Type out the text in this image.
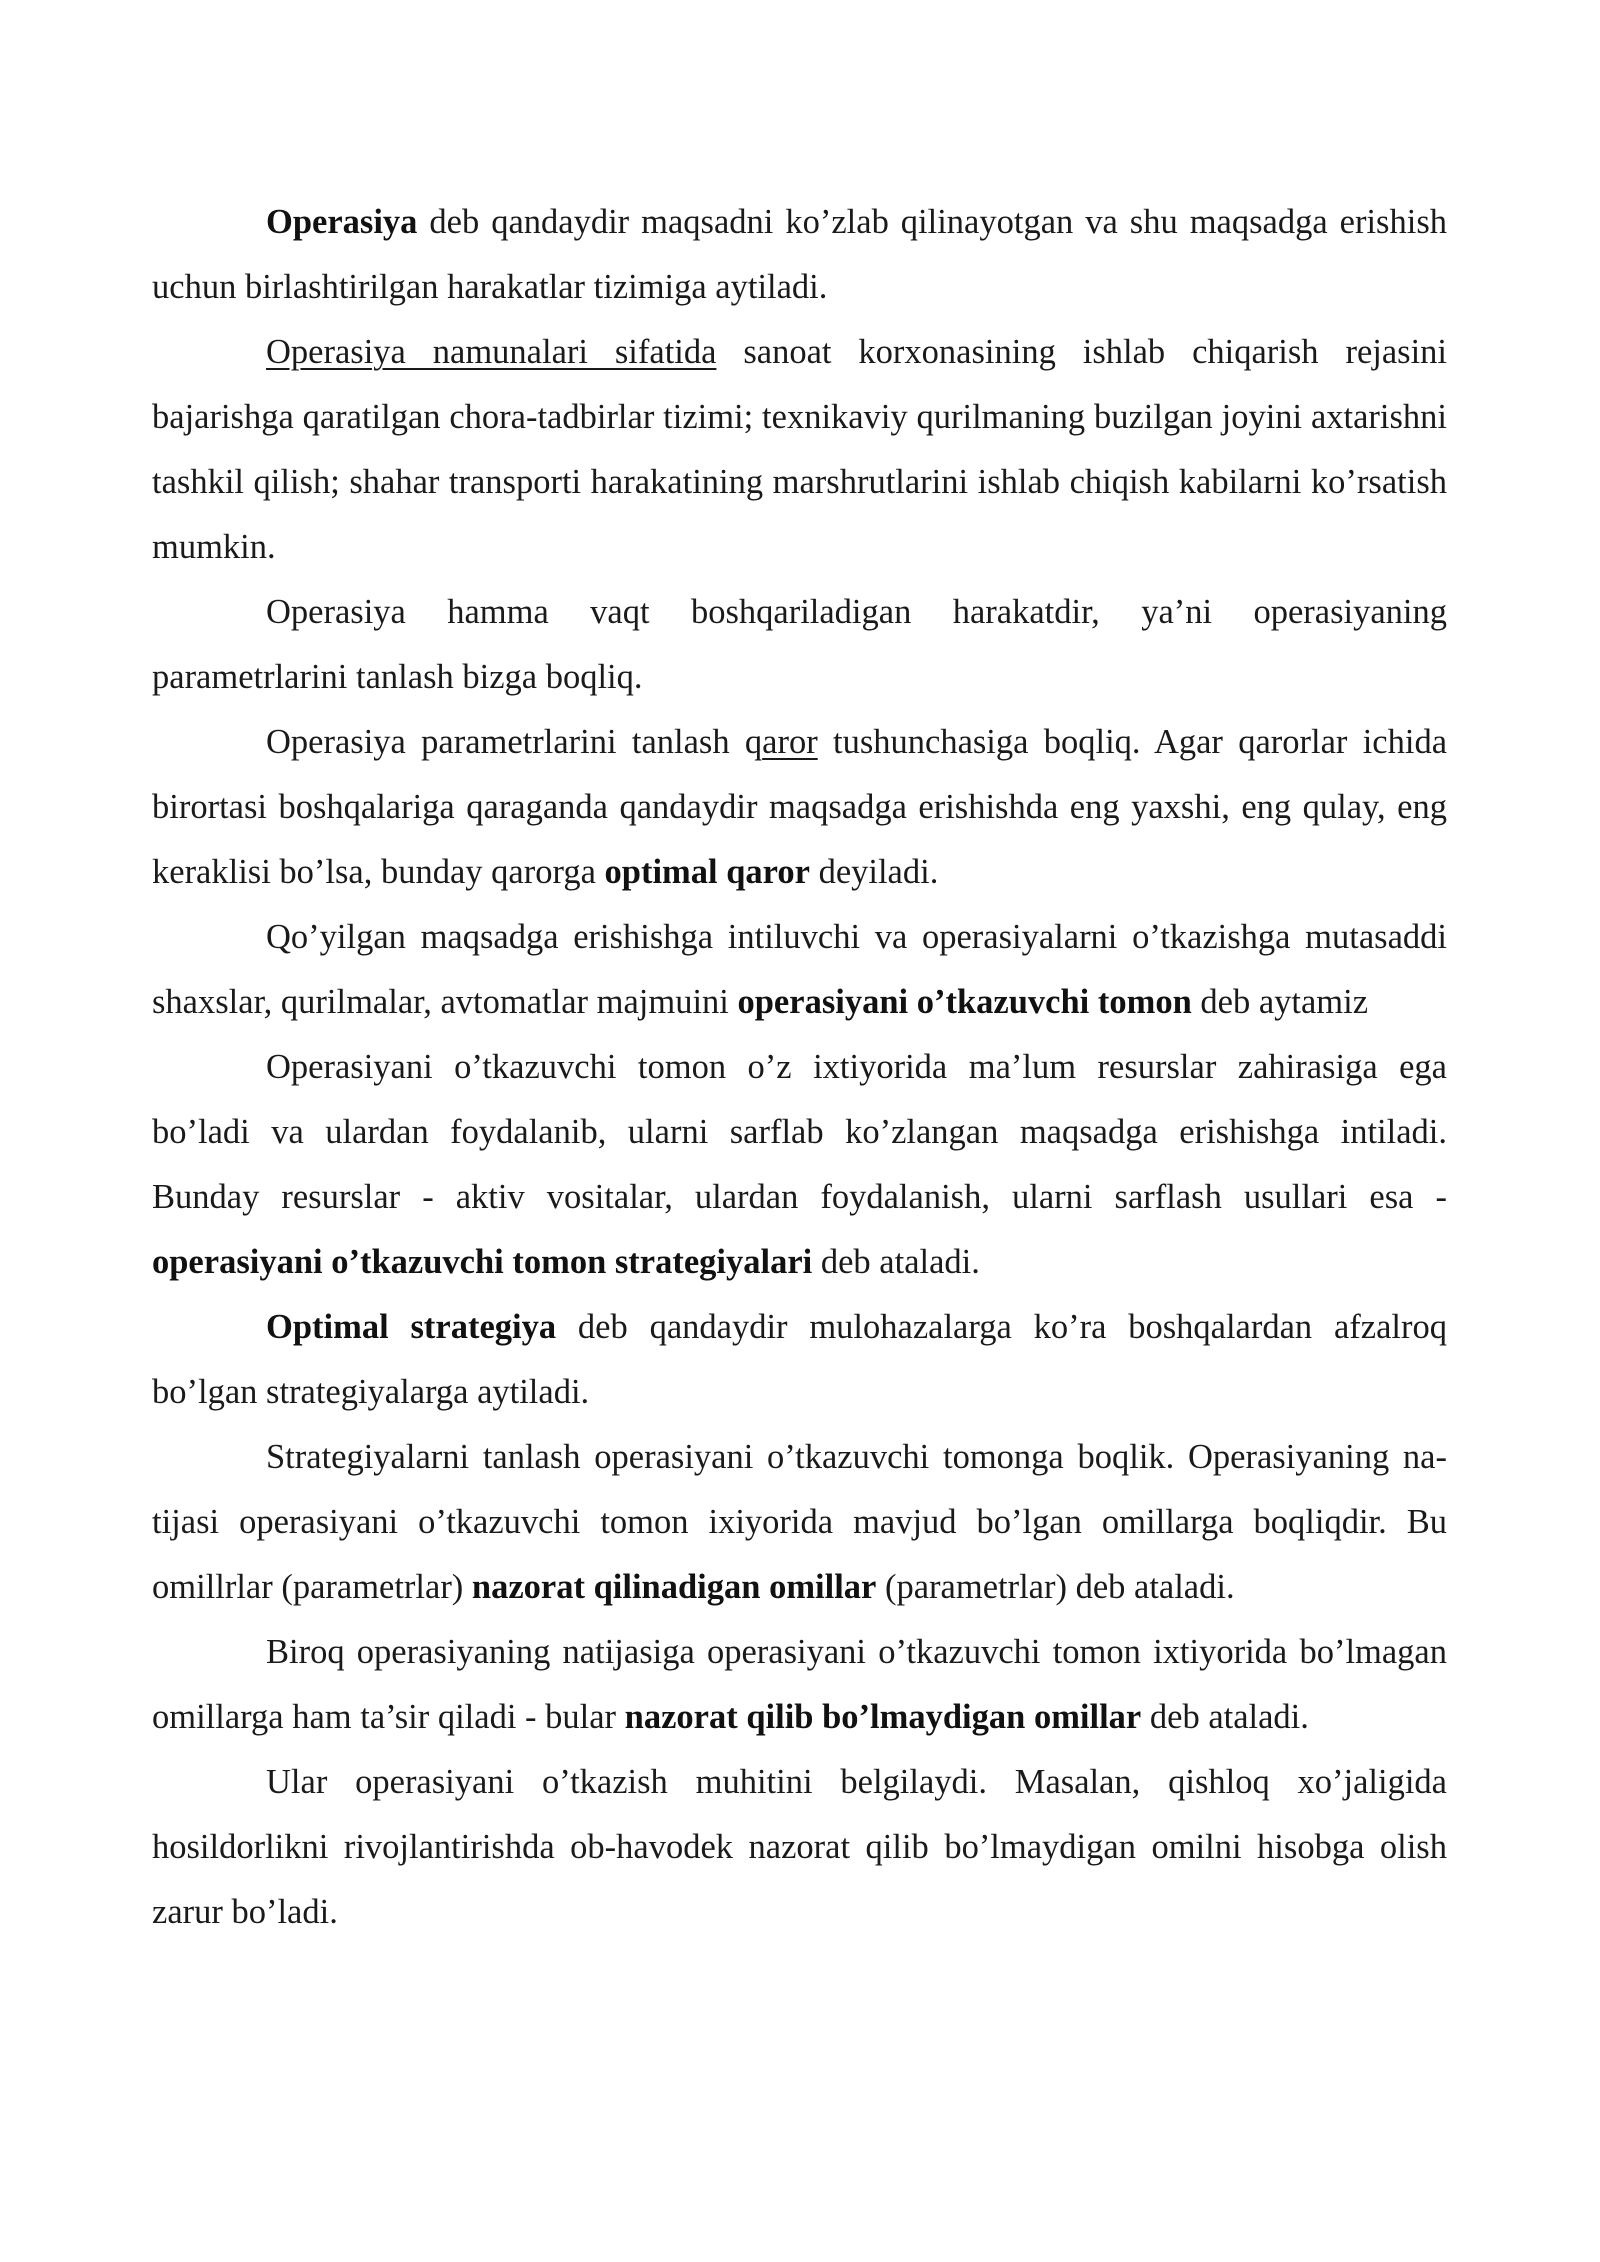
Operasiya deb qandaydir maqsadni ko’zlab qilinayotgan va shu maqsadga erishish uchun birlashtirilgan harakatlar tizimiga aytiladi.

Operasiya namunalari sifatida sanoat korxonasining ishlab chiqarish rejasini bajarishga qaratilgan chora-tadbirlar tizimi; texnikaviy qurilmaning buzilgan joyini axtarishni tashkil qilish; shahar transporti harakatining marshrutlarini ishlab chiqish kabilarni ko’rsatish mumkin.

Operasiya hamma vaqt boshqariladigan harakatdir, ya’ni operasiyaning parametrlarini tanlash bizga boqliq.

Operasiya parametrlarini tanlash qaror tushunchasiga boqliq. Agar qarorlar ichida birortasi boshqalariga qaraganda qandaydir maqsadga erishishda eng yaxshi, eng qulay, eng keraklisi bo’lsa, bunday qarorga optimal qaror deyiladi.

Qo’yilgan maqsadga erishishga intiluvchi va operasiyalarni o’tkazishga mutasaddi shaxslar, qurilmalar, avtomatlar majmuini operasiyani o’tkazuvchi tomon deb aytamiz

Operasiyani o’tkazuvchi tomon o’z ixtiyorida ma’lum resurslar zahirasiga ega bo’ladi va ulardan foydalanib, ularni sarflab ko’zlangan maqsadga erishishga intiladi. Bunday resurslar - aktiv vositalar, ulardan foydalanish, ularni sarflash usullari esa - operasiyani o’tkazuvchi tomon strategiyalari deb ataladi.

Optimal strategiya deb qandaydir mulohazalarga ko’ra boshqalardan afzalroq bo’lgan strategiyalarga aytiladi.

Strategiyalarni tanlash operasiyani o’tkazuvchi tomonga boqlik. Operasiyaning na-tijasi operasiyani o’tkazuvchi tomon ixiyorida mavjud bo’lgan omillarga boqliqdir. Bu omillrlar (parametrlar) nazorat qilinadigan omillar (parametrlar) deb ataladi.

Biroq operasiyaning natijasiga operasiyani o’tkazuvchi tomon ixtiyorida bo’lmagan omillarga ham ta’sir qiladi - bular nazorat qilib bo’lmaydigan omillar deb ataladi.

Ular operasiyani o’tkazish muhitini belgilaydi. Masalan, qishloq xo’jaligida hosildorlikni rivojlantirishda ob-havodek nazorat qilib bo’lmaydigan omilni hisobga olish zarur bo’ladi.
